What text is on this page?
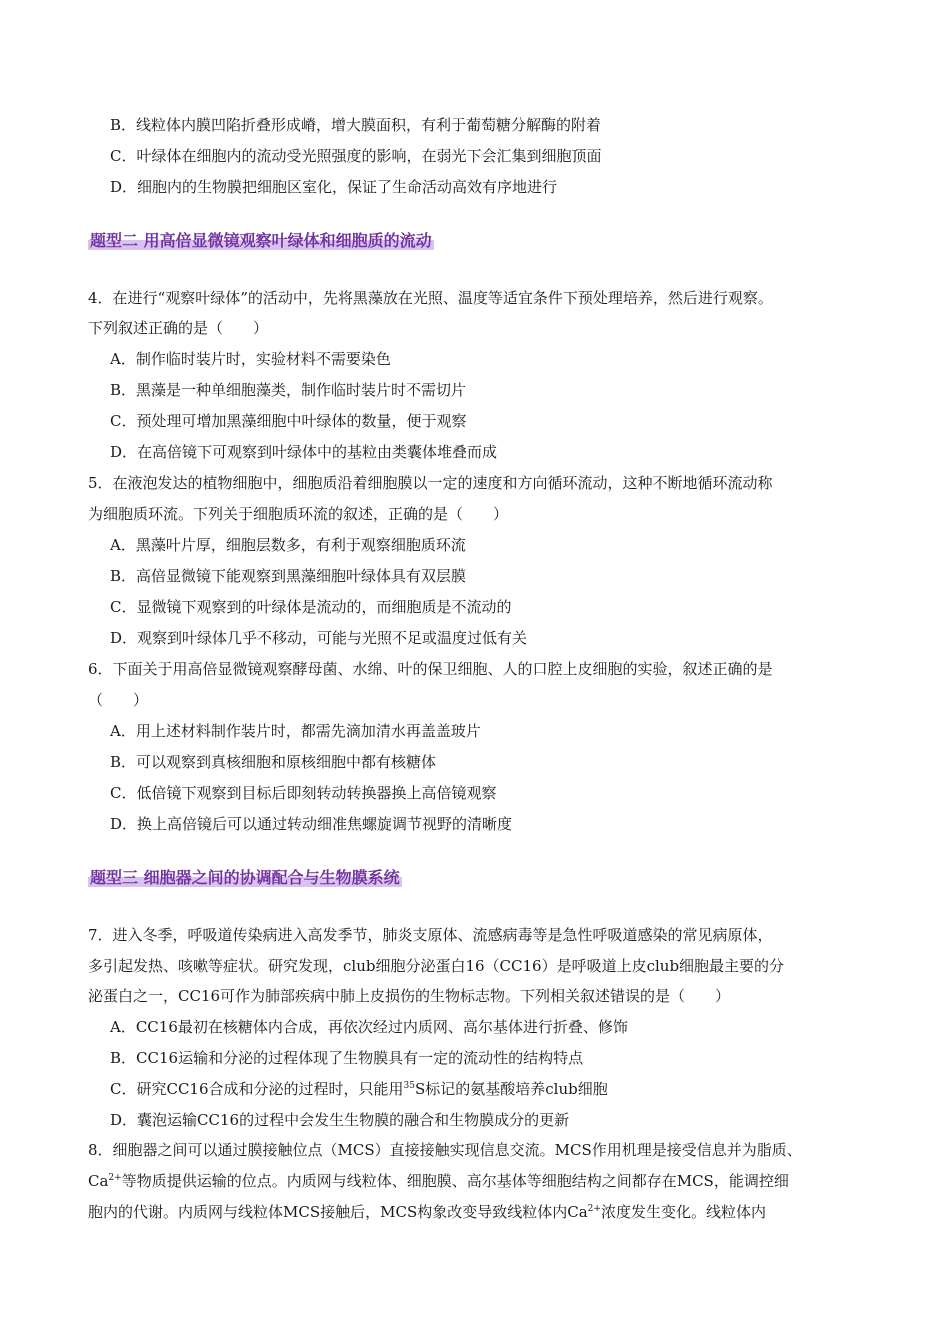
B．线粒体内膜凹陷折叠形成嵴，增大膜面积，有利于葡萄糖分解酶的附着
C．叶绿体在细胞内的流动受光照强度的影响，在弱光下会汇集到细胞顶面
D．细胞内的生物膜把细胞区室化，保证了生命活动高效有序地进行
题型二 用高倍显微镜观察叶绿体和细胞质的流动
4．在进行“观察叶绿体”的活动中，先将黑藻放在光照、温度等适宜条件下预处理培养，然后进行观察。
下列叙述正确的是（　　）
A．制作临时装片时，实验材料不需要染色
B．黑藻是一种单细胞藻类，制作临时装片时不需切片
C．预处理可增加黑藻细胞中叶绿体的数量，便于观察
D．在高倍镜下可观察到叶绿体中的基粒由类囊体堆叠而成
5．在液泡发达的植物细胞中，细胞质沿着细胞膜以一定的速度和方向循环流动，这种不断地循环流动称
为细胞质环流。下列关于细胞质环流的叙述，正确的是（　　）
A．黑藻叶片厚，细胞层数多，有利于观察细胞质环流
B．高倍显微镜下能观察到黑藻细胞叶绿体具有双层膜
C．显微镜下观察到的叶绿体是流动的，而细胞质是不流动的
D．观察到叶绿体几乎不移动，可能与光照不足或温度过低有关
6．下面关于用高倍显微镜观察酵母菌、水绵、叶的保卫细胞、人的口腔上皮细胞的实验，叙述正确的是
（　　）
A．用上述材料制作装片时，都需先滴加清水再盖盖玻片
B．可以观察到真核细胞和原核细胞中都有核糖体
C．低倍镜下观察到目标后即刻转动转换器换上高倍镜观察
D．换上高倍镜后可以通过转动细准焦螺旋调节视野的清晰度
题型三 细胞器之间的协调配合与生物膜系统
7．进入冬季，呼吸道传染病进入高发季节，肺炎支原体、流感病毒等是急性呼吸道感染的常见病原体，
多引起发热、咳嗽等症状。研究发现，club细胞分泌蛋白16（CC16）是呼吸道上皮club细胞最主要的分
泌蛋白之一，CC16可作为肺部疾病中肺上皮损伤的生物标志物。下列相关叙述错误的是（　　）
A．CC16最初在核糖体内合成，再依次经过内质网、高尔基体进行折叠、修饰
B．CC16运输和分泌的过程体现了生物膜具有一定的流动性的结构特点
C．研究CC16合成和分泌的过程时，只能用$^{35}$S标记的氨基酸培养club细胞
D．囊泡运输CC16的过程中会发生生物膜的融合和生物膜成分的更新
8．细胞器之间可以通过膜接触位点（MCS）直接接触实现信息交流。MCS作用机理是接受信息并为脂质、
$Ca^{2+}$等物质提供运输的位点。内质网与线粒体、细胞膜、高尔基体等细胞结构之间都存在MCS，能调控细
胞内的代谢。内质网与线粒体MCS接触后，MCS构象改变导致线粒体内$Ca^{2+}$浓度发生变化。线粒体内
